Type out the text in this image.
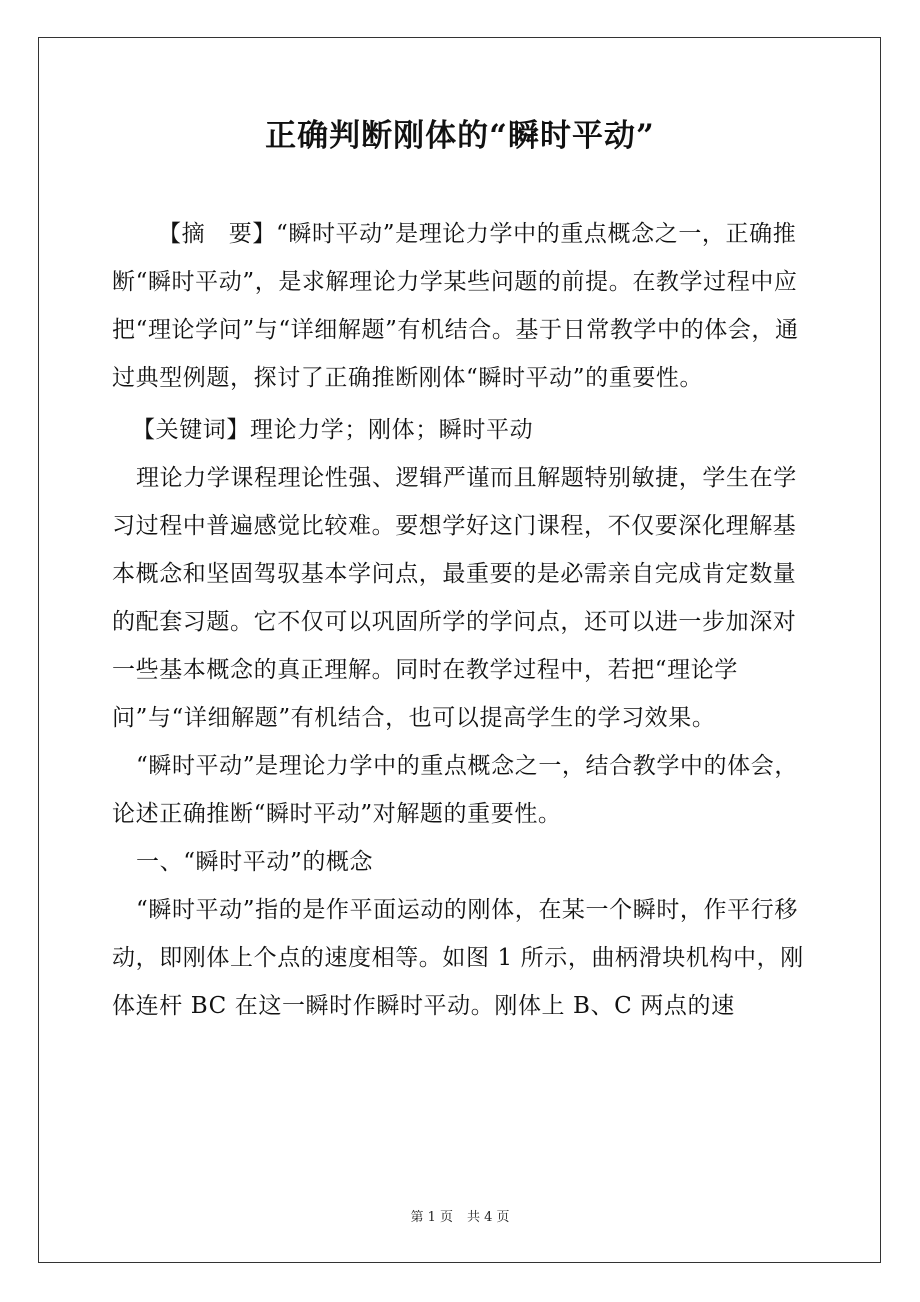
正确判断刚体的“瞬时平动”

【摘　要】“瞬时平动”是理论力学中的重点概念之一，正确推断“瞬时平动”，是求解理论力学某些问题的前提。在教学过程中应把“理论学问”与“详细解题”有机结合。基于日常教学中的体会，通过典型例题，探讨了正确推断刚体“瞬时平动”的重要性。

【关键词】理论力学；刚体；瞬时平动

理论力学课程理论性强、逻辑严谨而且解题特别敏捷，学生在学习过程中普遍感觉比较难。要想学好这门课程，不仅要深化理解基本概念和坚固驾驭基本学问点，最重要的是必需亲自完成肯定数量的配套习题。它不仅可以巩固所学的学问点，还可以进一步加深对一些基本概念的真正理解。同时在教学过程中，若把“理论学问”与“详细解题”有机结合，也可以提高学生的学习效果。

“瞬时平动”是理论力学中的重点概念之一，结合教学中的体会，论述正确推断“瞬时平动”对解题的重要性。

一、“瞬时平动”的概念

“瞬时平动”指的是作平面运动的刚体，在某一个瞬时，作平行移动，即刚体上个点的速度相等。如图 1 所示，曲柄滑块机构中，刚体连杆 BC 在这一瞬时作瞬时平动。刚体上 B、C 两点的速

第 1 页 共 4 页
